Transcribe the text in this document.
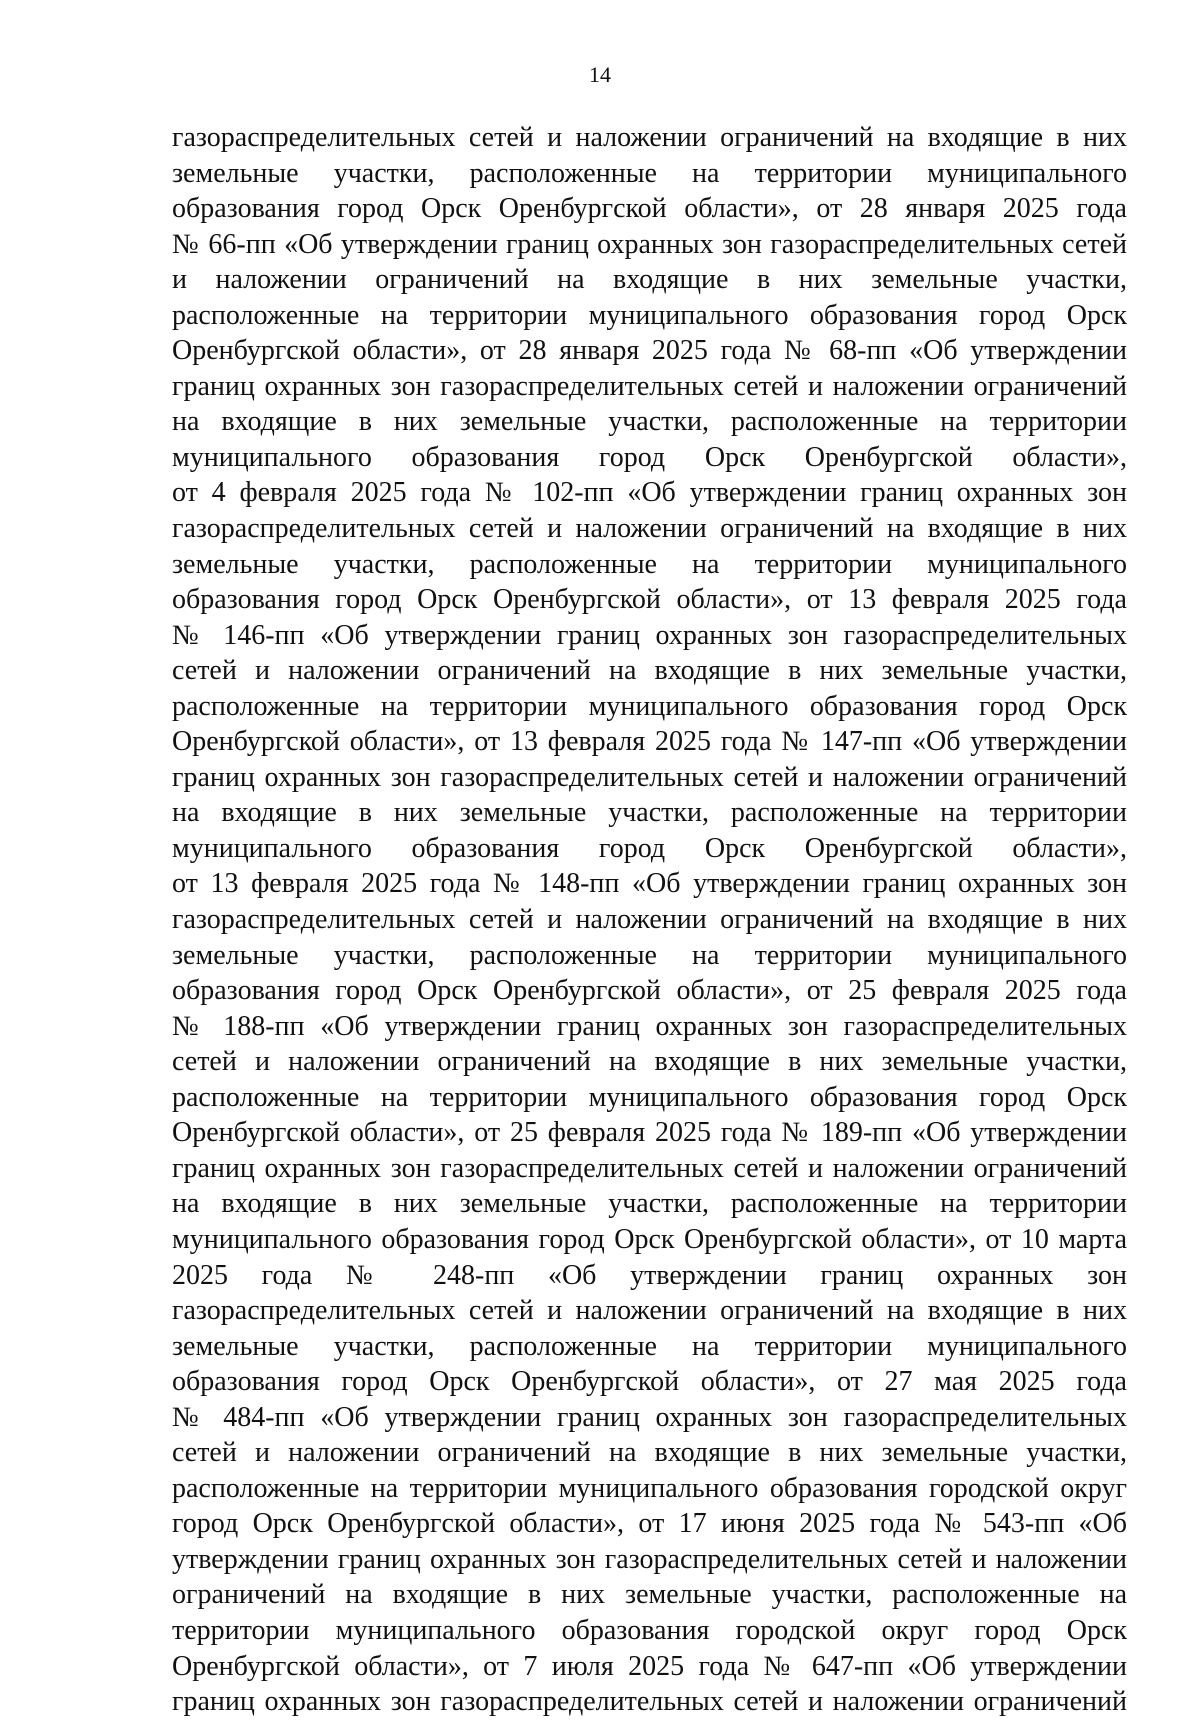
14
газораспределительных сетей и наложении ограничений на входящие в них
земельные участки, расположенные на территории муниципального
образования город Орск Оренбургской области», от 28 января 2025 года
№ 66-пп «Об утверждении границ охранных зон газораспределительных сетей
и наложении ограничений на входящие в них земельные участки,
расположенные на территории муниципального образования город Орск
Оренбургской области», от 28 января 2025 года № 68-пп «Об утверждении
границ охранных зон газораспределительных сетей и наложении ограничений
на входящие в них земельные участки, расположенные на территории
муниципального образования город Орск Оренбургской области»,
от 4 февраля 2025 года № 102-пп «Об утверждении границ охранных зон
газораспределительных сетей и наложении ограничений на входящие в них
земельные участки, расположенные на территории муниципального
образования город Орск Оренбургской области», от 13 февраля 2025 года
№ 146-пп «Об утверждении границ охранных зон газораспределительных
сетей и наложении ограничений на входящие в них земельные участки,
расположенные на территории муниципального образования город Орск
Оренбургской области», от 13 февраля 2025 года № 147-пп «Об утверждении
границ охранных зон газораспределительных сетей и наложении ограничений
на входящие в них земельные участки, расположенные на территории
муниципального образования город Орск Оренбургской области»,
от 13 февраля 2025 года № 148-пп «Об утверждении границ охранных зон
газораспределительных сетей и наложении ограничений на входящие в них
земельные участки, расположенные на территории муниципального
образования город Орск Оренбургской области», от 25 февраля 2025 года
№ 188-пп «Об утверждении границ охранных зон газораспределительных
сетей и наложении ограничений на входящие в них земельные участки,
расположенные на территории муниципального образования город Орск
Оренбургской области», от 25 февраля 2025 года № 189-пп «Об утверждении
границ охранных зон газораспределительных сетей и наложении ограничений
на входящие в них земельные участки, расположенные на территории
муниципального образования город Орск Оренбургской области», от 10 марта
2025 года № 248-пп «Об утверждении границ охранных зон
газораспределительных сетей и наложении ограничений на входящие в них
земельные участки, расположенные на территории муниципального
образования город Орск Оренбургской области», от 27 мая 2025 года
№ 484-пп «Об утверждении границ охранных зон газораспределительных
сетей и наложении ограничений на входящие в них земельные участки,
расположенные на территории муниципального образования городской округ
город Орск Оренбургской области», от 17 июня 2025 года № 543-пп «Об
утверждении границ охранных зон газораспределительных сетей и наложении
ограничений на входящие в них земельные участки, расположенные на
территории муниципального образования городской округ город Орск
Оренбургской области», от 7 июля 2025 года № 647-пп «Об утверждении
границ охранных зон газораспределительных сетей и наложении ограничений
